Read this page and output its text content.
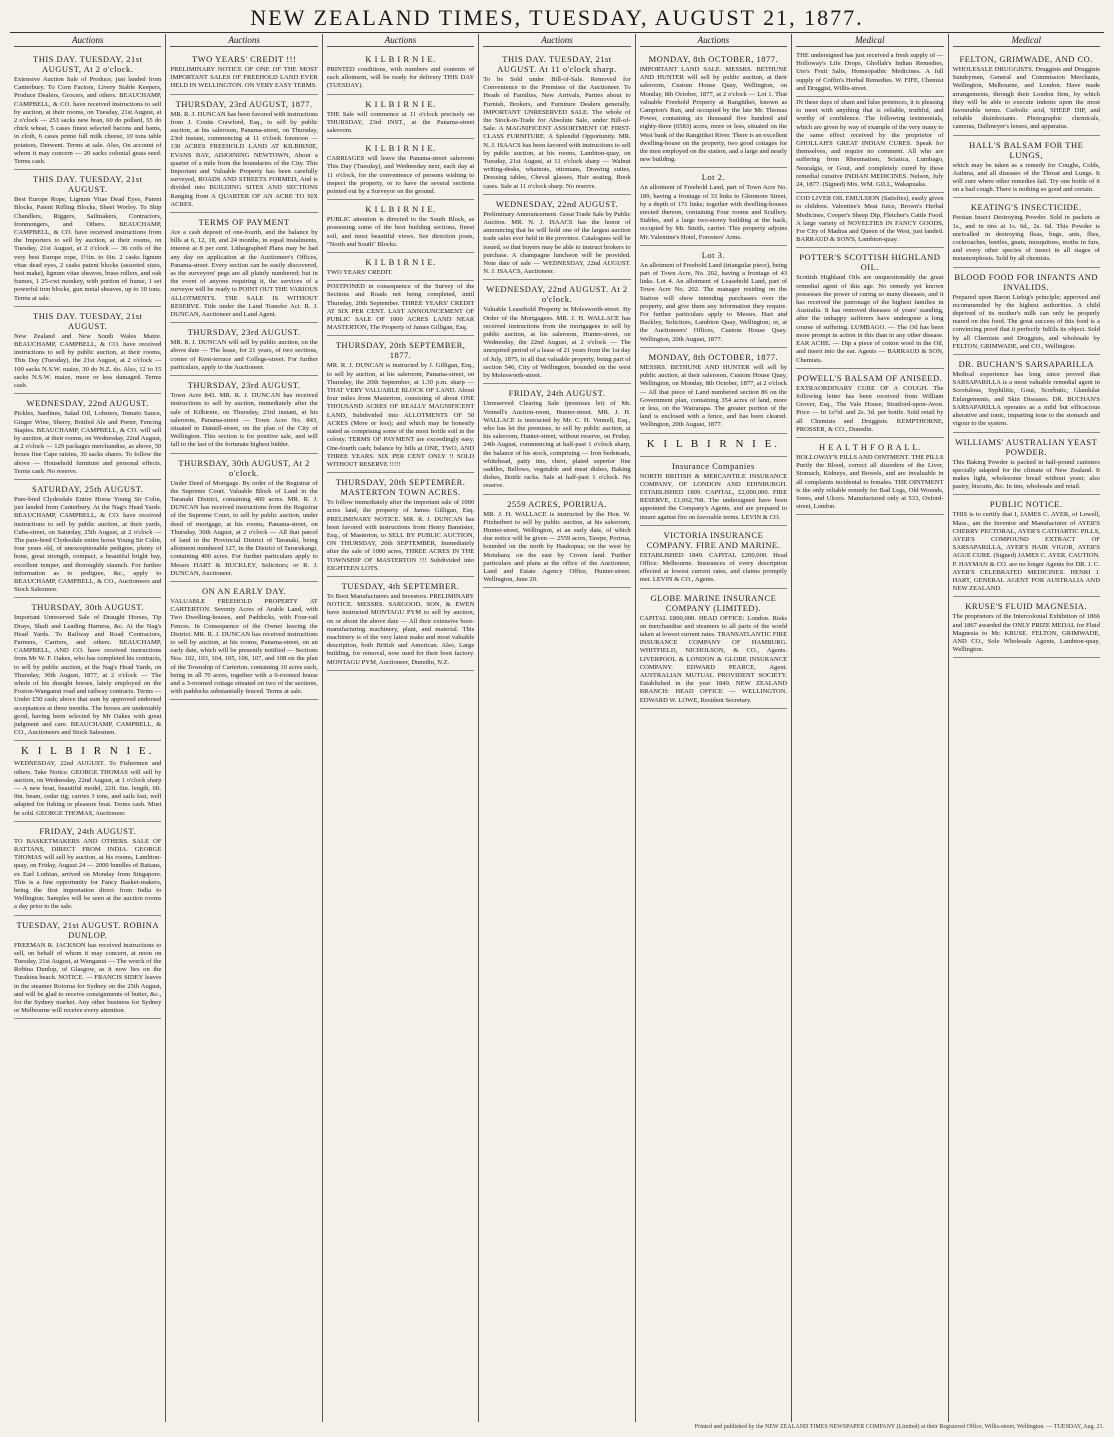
NEW ZEALAND TIMES, TUESDAY, AUGUST 21, 1877.
Auctions
THIS DAY. TUESDAY, 21st AUGUST, At 2 o'clock.

Extensive Auction Sale of Produce, just landed from Canterbury. To Corn Factors, Livery Stable Keepers, Produce Dealers, Grocers, and others. BEAUCHAMP, CAMPBELL, & CO. have received instructions to sell by auction, at their rooms, on Tuesday, 21st August, at 2 o'clock — 253 sacks new bran, 60 do pollard, 55 do chick wheat, 5 cases finest selected bacons and hams, in cloth, 6 cases prime full milk cheese, 10 tons table potatoes, Derwent. Terms at sale. Also, On account of whom it may concern — 20 sacks colonial grass seed. Terms cash.

THIS DAY. TUESDAY, 21st AUGUST.

Best Europe Rope, Lignum Vitae Dead Eyes, Patent Blocks, Patent Rifling Blocks, Sheet Worley. To Ship Chandlers, Riggers, Sailmakers, Contractors, Ironmongers, and Others. BEAUCHAMP, CAMPBELL, & CO. have received instructions from the Importers to sell by auction, at their rooms, on Tuesday, 21st August, at 2 o'clock — 36 coils of the very best Europe rope, 1½in. to 6in. 2 casks lignum vitae dead eyes, 2 casks patent blocks (assorted sizes, best make), lignum vitae sheaves, brass rollers, and oak frames, 1 25-cwt monkey, with portion of frame, 1 set powerful iron blocks, gun metal sheaves, up to 10 tons. Terms at sale.

THIS DAY. TUESDAY, 21st AUGUST.

New Zealand and New South Wales Maize. BEAUCHAMP, CAMPBELL, & CO. have received instructions to sell by public auction, at their rooms, This Day (Tuesday), the 21st August, at 2 o'clock — 100 sacks N.S.W. maize, 30 do N.Z. do. Also, 12 to 15 sacks N.S.W. maize, more or less damaged. Terms cash.

WEDNESDAY, 22nd AUGUST.

Pickles, Sardines, Salad Oil, Lobsters, Tomato Sauce, Ginger Wine, Sherry, Bottled Ale and Porter, Fencing Staples. BEAUCHAMP, CAMPBELL, & CO. will sell by auction, at their rooms, on Wednesday, 22nd August, at 2 o'clock — 129 packages merchandise, as above, 50 boxes fine Cape raisins, 30 sacks shares. To follow the above — Household furniture and personal effects. Terms cash. No reserve.

SATURDAY, 25th AUGUST.

Pure-bred Clydesdale Entire Horse Young Sir Colin, just landed from Canterbury. At the Nag's Head Yards. BEAUCHAMP, CAMPBELL, & CO. have received instructions to sell by public auction, at their yards, Cuba-street, on Saturday, 25th August, at 2 o'clock — The pure-bred Clydesdale entire horse Young Sir Colin, four years old, of unexceptionable pedigree, plenty of bone, great strength, compact, a beautiful bright bay, excellent temper, and thoroughly staunch. For further information as to pedigree, &c., apply to BEAUCHAMP, CAMPBELL, & CO., Auctioneers and Stock Salesmen.

THURSDAY, 30th AUGUST.

Important Unreserved Sale of Draught Horses, Tip Drays, Shaft and Leading Harness, &c. At the Nag's Head Yards. To Railway and Road Contractors, Farmers, Carriers, and others. BEAUCHAMP, CAMPBELL, AND CO. have received instructions from Mr W. F. Oakes, who has completed his contracts, to sell by public auction, at the Nag's Head Yards, on Thursday, 30th August, 1877, at 2 o'clock — The whole of his draught horses, lately employed on the Foxton-Wanganui road and railway contracts. Terms — Under £50 cash; above that sum by approved endorsed acceptances at three months. The horses are undeniably good, having been selected by Mr Oakes with great judgment and care. BEAUCHAMP, CAMPBELL, & CO., Auctioneers and Stock Salesmen.

K I L B I R N I E.

WEDNESDAY, 22nd AUGUST. To Fishermen and others. Take Notice. GEORGE THOMAS will sell by auction, on Wednesday, 22nd August, at 1 o'clock sharp — A new boat, beautiful model, 22ft. 6in. length, 6ft. 9in. beam, cedar rig; carries 3 tons, and sails fast, well adapted for fishing or pleasure boat. Terms cash. Must be sold. GEORGE THOMAS, Auctioneer.

FRIDAY, 24th AUGUST.

TO BASKETMAKERS AND OTHERS. SALE OF RATTANS, DIRECT FROM INDIA. GEORGE THOMAS will sell by auction, at his rooms, Lambton-quay, on Friday, August 24 — 2000 bundles of Rattans, ex Earl Lothian, arrived on Monday from Singapore. This is a fine opportunity for Fancy Basket-makers, being the first importation direct from India to Wellington. Samples will be seen at the auction rooms a day prior to the sale.

TUESDAY, 21st AUGUST. ROBINA DUNLOP.

FREEMAN R. JACKSON has received instructions to sell, on behalf of whom it may concern, at noon on Tuesday, 21st August, at Wanganui — The wreck of the Robina Dunlop, of Glasgow, as it now lies on the Turakina beach. NOTICE. — FRANCIS SIDEY leaves in the steamer Rotorua for Sydney on the 25th August, and will be glad to receive consignments of butter, &c., for the Sydney market. Any other business for Sydney or Melbourne will receive every attention.

Auctions
TWO YEARS' CREDIT !!!

PRELIMINARY NOTICE OF ONE OF THE MOST IMPORTANT SALES OF FREEHOLD LAND EVER HELD IN WELLINGTON. ON VERY EASY TERMS.

THURSDAY, 23rd AUGUST, 1877.

MR. R. J. DUNCAN has been favored with instructions from J. Coutts Crawford, Esq., to sell by public auction, at his saleroom, Panama-street, on Thursday, 23rd instant, commencing at 11 o'clock forenoon — 130 ACRES FREEHOLD LAND AT KILBIRNIE, EVANS BAY, ADJOINING NEWTOWN, About a quarter of a mile from the boundaries of the City. This Important and Valuable Property has been carefully surveyed, ROADS AND STREETS FORMED, And is divided into BUILDING SITES AND SECTIONS Ranging from A QUARTER OF AN ACRE TO SIX ACRES.

TERMS OF PAYMENT

Are a cash deposit of one-fourth, and the balance by bills at 6, 12, 18, and 24 months, in equal instalments, interest at 8 per cent. Lithographed Plans may be had any day on application at the Auctioneer's Offices, Panama-street. Every section can be easily discovered, as the surveyors' pegs are all plainly numbered; but in the event of anyone requiring it, the services of a surveyor will be ready to POINT OUT THE VARIOUS ALLOTMENTS. THE SALE IS WITHOUT RESERVE. Title under the Land Transfer Act. R. J. DUNCAN, Auctioneer and Land Agent.

THURSDAY, 23rd AUGUST.

MR. R. J. DUNCAN will sell by public auction, on the above date — The lease, for 21 years, of two sections, corner of Kent-terrace and College-street. For further particulars, apply to the Auctioneer.

THURSDAY, 23rd AUGUST.

Town Acre 843. MR. R. J. DUNCAN has received instructions to sell by auction, immediately after the sale of Kilbirnie, on Thursday, 23rd instant, at his saleroom, Panama-street — Town Acre No. 843, situated in Daniell-street, on the plan of the City of Wellington. This section is for positive sale, and will fall to the last of the fortunate highest bidder.

THURSDAY, 30th AUGUST, At 2 o'clock.

Under Deed of Mortgage. By order of the Registrar of the Supreme Court. Valuable Block of Land in the Taranaki District, containing 400 acres. MR. R. J. DUNCAN has received instructions from the Registrar of the Supreme Court, to sell by public auction, under deed of mortgage, at his rooms, Panama-street, on Thursday, 30th August, at 2 o'clock — All that parcel of land in the Provincial District of Taranaki, being allotment numbered 127, in the District of Tarurukangi, containing 400 acres. For further particulars apply to Messrs HART & BUCKLEY, Solicitors; or R. J. DUNCAN, Auctioneer.

ON AN EARLY DAY.

VALUABLE FREEHOLD PROPERTY AT CARTERTON. Seventy Acres of Arable Land, with Two Dwelling-houses, and Paddocks, with Four-rail Fences. In Consequence of the Owner leaving the District. MR. R. J. DUNCAN has received instructions to sell by auction, at his rooms, Panama-street, on an early date, which will be presently notified — Sections Nos. 102, 103, 104, 105, 106, 107, and 108 on the plan of the Township of Carterton, containing 10 acres each, being in all 70 acres, together with a 6-roomed house and a 3-roomed cottage situated on two of the sections, with paddocks substantially fenced. Terms at sale.

Auctions
K I L B I R N I E.

PRINTED conditions, with numbers and contents of each allotment, will be ready for delivery THIS DAY (TUESDAY).

K I L B I R N I E.

THE Sale will commence at 11 o'clock precisely on THURSDAY, 23rd INST., at the Panama-street saleroom.

K I L B I R N I E.

CARRIAGES will leave the Panama-street saleroom This Day (Tuesday), and Wednesday next, each day at 11 o'clock, for the convenience of persons wishing to inspect the property, or to have the several sections pointed out by a Surveyor on the ground.

K I L B I R N I E.

PUBLIC attention is directed to the South Block, as possessing some of the best building sections, finest soil, and most beautiful views. See direction posts, "North and South" Blocks.

K I L B I R N I E.

TWO YEARS' CREDIT.

POSTPONED in consequence of the Survey of the Sections and Roads not being completed, until Thursday, 20th September. THREE YEARS' CREDIT AT SIX PER CENT. LAST ANNOUNCEMENT OF PUBLIC SALE OF 1000 ACRES LAND NEAR MASTERTON, The Property of James Gilligan, Esq.

THURSDAY, 20th SEPTEMBER, 1877.

MR. R. J. DUNCAN is instructed by J. Gilligan, Esq., to sell by auction, at his saleroom, Panama-street, on Thursday, the 20th September, at 1.30 p.m. sharp — THAT VERY VALUABLE BLOCK OF LAND. About four miles from Masterton, consisting of about ONE THOUSAND ACRES OF REALLY MAGNIFICENT LAND, Subdivided into ALLOTMENTS OF 50 ACRES (More or less); and which may be honestly stated as comprising some of the most fertile soil in the colony. TERMS OF PAYMENT are exceedingly easy. One-fourth cash; balance by bills at ONE, TWO, AND THREE YEARS. SIX PER CENT ONLY !! SOLD WITHOUT RESERVE !!!!!

THURSDAY, 20th SEPTEMBER. MASTERTON TOWN ACRES.

To follow immediately after the important sale of 1000 acres land, the property of James Gilligan, Esq. PRELIMINARY NOTICE. MR. R. J. DUNCAN has been favored with instructions from Henry Bannister, Esq., of Masterton, to SELL BY PUBLIC AUCTION, ON THURSDAY, 20th SEPTEMBER, Immediately after the sale of 1000 acres, THREE ACRES IN THE TOWNSHIP OF MASTERTON !!! Subdivided into EIGHTEEN LOTS.

TUESDAY, 4th SEPTEMBER.

To Boot Manufacturers and Investors. PRELIMINARY NOTICE. MESSRS. SARGOOD, SON, & EWEN have instructed MONTAGU PYM to sell by auction, on or about the above date — All their extensive boot-manufacturing machinery, plant, and material. This machinery is of the very latest make and most valuable description, both British and American. Also, Large building, for removal, now used for their boot factory. MONTAGU PYM, Auctioneer, Dunedin, N.Z.

Auctions
THIS DAY. TUESDAY, 21st AUGUST. At 11 o'clock sharp.

To be Sold under Bill-of-Sale. Removed for Convenience to the Premises of the Auctioneer. To Heads of Families, New Arrivals, Parties about to Furnish, Brokers, and Furniture Dealers generally. IMPORTANT UNRESERVED SALE. The whole of the Stock-in-Trade for Absolute Sale, under Bill-of-Sale. A MAGNIFICENT ASSORTMENT OF FIRST-CLASS FURNITURE. A Splendid Opportunity. MR. N. J. ISAACS has been favored with instructions to sell by public auction, at his rooms, Lambton-quay, on Tuesday, 21st August, at 11 o'clock sharp — Walnut writing-desks, whatnots, ottomans, Drawing suites, Dressing tables, Cheval glasses, Hair seating, Book cases. Sale at 11 o'clock sharp. No reserve.

WEDNESDAY, 22nd AUGUST.

Preliminary Announcement. Great Trade Sale by Public Auction. MR. N. J. ISAACS has the honor of announcing that he will hold one of the largest auction trade sales ever held in the province. Catalogues will be issued, so that buyers may be able to instruct brokers to purchase. A champagne luncheon will be provided. Note date of sale — WEDNESDAY, 22nd AUGUST. N. J. ISAACS, Auctioneer.

WEDNESDAY, 22nd AUGUST. At 2 o'clock.

Valuable Leasehold Property in Molesworth-street. By Order of the Mortgagees. MR. J. H. WALLACE has received instructions from the mortgagees to sell by public auction, at his saleroom, Hunter-street, on Wednesday, the 22nd August, at 2 o'clock — The unexpired period of a lease of 21 years from the 1st day of July, 1875, in all that valuable property, being part of section 546, City of Wellington, bounded on the west by Molesworth-street.

FRIDAY, 24th AUGUST.

Unreserved Clearing Sale (premises let) of Mr. Vennell's Auction-room, Hunter-street. MR. J. H. WALLACE is instructed by Mr. C. H. Vennell, Esq., who has let the premises, to sell by public auction, at his saleroom, Hunter-street, without reserve, on Friday, 24th August, commencing at half-past 1 o'clock sharp, the balance of his stock, comprising — Iron bedsteads, whitehead, patty tins, chest, plated superior fine saddles, Bellows, vegetable and meat dishes, Baking dishes, Bottle racks. Sale at half-past 1 o'clock. No reserve.

2559 ACRES, PORIRUA.

MR. J. H. WALLACE is instructed by the Hon. W. Fitzherbert to sell by public auction, at his saleroom, Hunter-street, Wellington, at an early date, of which due notice will be given — 2559 acres, Tawpe, Porirua, bounded on the north by Haukopua; on the west by Motuhara; on the east by Crown land. Further particulars and plans at the office of the Auctioneer, Land and Estate Agency Office, Hunter-street. Wellington, June 20.

Auctions
MONDAY, 8th OCTOBER, 1877.

IMPORTANT LAND SALE. MESSRS. BETHUNE AND HUNTER will sell by public auction, at their saleroom, Custom House Quay, Wellington, on Monday, 8th October, 1877, at 2 o'clock — Lot 1. That valuable Freehold Property at Rangitikei, known as Campion's Run, and occupied by the late Mr. Thomas Power, containing six thousand five hundred and eighty-three (6583) acres, more or less, situated on the West bank of the Rangitikei River. There is an excellent dwelling-house on the property, two good cottages for the men employed on the station, and a large and nearly new building.

Lot 2.

An allotment of Freehold Land, part of Town Acre No. 189, having a frontage of 33 links to Glenmore Street, by a depth of 171 links; together with dwelling-houses erected thereon, containing Four rooms and Scullery. Stables, and a large two-storey building at the back, occupied by Mr. Smith, carrier. This property adjoins Mr. Valentine's Hotel, Foresters' Arms.

Lot 3.

An allotment of Freehold Land (triangular piece), being part of Town Acre, No. 202, having a frontage of 43 links. Lot 4. An allotment of Leasehold Land, part of Town Acre No. 202. The manager residing on the Station will show intending purchasers over the property, and give them any information they require. For further particulars apply to Messrs. Hart and Buckley, Solicitors, Lambton Quay, Wellington; or, at the Auctioneers' Offices, Custom House Quay. Wellington, 20th August, 1877.

MONDAY, 8th OCTOBER, 1877.

MESSRS. BETHUNE AND HUNTER will sell by public auction, at their saleroom, Custom House Quay, Wellington, on Monday, 8th October, 1877, at 2 o'clock — All that piece of Land numbered section 86 on the Government plan, containing 354 acres of land, more or less, on the Wairarapa. The greater portion of the land is enclosed with a fence, and has been cleared. Wellington, 20th August, 1877.

K I L B I R N I E.
Insurance Companies

NORTH BRITISH & MERCANTILE INSURANCE COMPANY, OF LONDON AND EDINBURGH. ESTABLISHED 1809. CAPITAL, £2,000,000. FIRE RESERVE, £1,062,768. The undersigned have been appointed the Company's Agents, and are prepared to insure against fire on favorable terms. LEVIN & CO.

VICTORIA INSURANCE COMPANY. FIRE AND MARINE.

ESTABLISHED 1849. CAPITAL £200,000. Head Office: Melbourne. Insurances of every description effected at lowest current rates, and claims promptly met. LEVIN & CO., Agents.

GLOBE MARINE INSURANCE COMPANY (LIMITED).

CAPITAL £800,000. HEAD OFFICE: London. Risks on merchandise and steamers to all parts of the world taken at lowest current rates. TRANSATLANTIC FIRE INSURANCE COMPANY OF HAMBURG. WHITFIELD, NICHOLSON, & CO., Agents. LIVERPOOL & LONDON & GLOBE INSURANCE COMPANY. EDWARD PEARCE, Agent. AUSTRALIAN MUTUAL PROVIDENT SOCIETY. Established in the year 1849. NEW ZEALAND BRANCH: HEAD OFFICE — WELLINGTON. EDWARD W. LOWE, Resident Secretary.

Medical

THE undersigned has just received a fresh supply of — Holloway's Life Drops, Ghollah's Indian Remedies, Ure's Fruit Salts, Homeopathic Medicines. A full supply of Coffin's Herbal Remedies. W. FIFE, Chemist and Druggist, Willis-street.

IN these days of sham and false pretences, it is pleasing to meet with anything that is reliable, truthful, and worthy of confidence. The following testimonials, which are given by way of example of the very many to the same effect received by the proprietor of GHOLLAH'S GREAT INDIAN CURES. Speak for themselves, and require no comment. All who are suffering from Rheumatism, Sciatica, Lumbago, Neuralgia, or Gout, and completely cured by these remedial curative INDIAN MEDICINES. Nelson, July 24, 1877. (Signed) Mrs. WM. GILL, Wakapuaka.

COD LIVER OIL EMULSION (Satisfies), easily given to children. Valentine's Meat Juice, Brown's Herbal Medicines, Cooper's Sheep Dip, Fletcher's Cattle Food. A large variety of NOVELTIES IN FANCY GOODS, For City of Madras and Queen of the West, just landed. BARRAUD & SON'S, Lambton-quay.

POTTER'S SCOTTISH HIGHLAND OIL.

Scottish Highland Oils are unquestionably the great remedial agent of this age. No remedy yet known possesses the power of curing so many diseases, and it has received the patronage of the highest families in Australia. It has removed diseases of years' standing, after the unhappy sufferers have undergone a long course of suffering. LUMBAGO. — The Oil has been more prompt in action in this than in any other disease. EAR ACHE. — Dip a piece of cotton wool in the Oil, and insert into the ear. Agents — BARRAUD & SON, Chemists.

POWELL'S BALSAM OF ANISEED.

EXTRAORDINARY CURE OF A COUGH. The following letter has been received from William Grover, Esq., The Vale House, Stratford-upon-Avon. Price — In 1s½d. and 2s. 3d. per bottle. Sold retail by all Chemists and Druggists. KEMPTHORNE, PROSSER, & CO., Dunedin.

H E A L T H F O R A L L.

HOLLOWAY'S PILLS AND OINTMENT. THE PILLS Purify the Blood, correct all disorders of the Liver, Stomach, Kidneys, and Bowels, and are invaluable in all complaints incidental to females. THE OINTMENT is the only reliable remedy for Bad Legs, Old Wounds, Sores, and Ulcers. Manufactured only at 533, Oxford-street, London.

Medical
FELTON, GRIMWADE, AND CO.

WHOLESALE DRUGGISTS. Druggists and Druggists Sundrymen, General and Commission Merchants, Wellington, Melbourne, and London. Have made arrangements, through their London firm, by which they will be able to execute indents upon the most favourable terms. Carbolic acid, SHEEP DIP, and reliable disinfectants. Photographic chemicals, cameras, Dallmeyer's lenses, and apparatus.

HALL'S BALSAM FOR THE LUNGS,

which may be taken as a remedy for Coughs, Colds, Asthma, and all diseases of the Throat and Lungs. It will cure where other remedies fail. Try one bottle of it on a bad cough. There is nothing so good and certain.

KEATING'S INSECTICIDE.

Persian Insect Destroying Powder. Sold in packets at 1s., and in tins at 1s. 6d., 2s. 6d. This Powder is unrivalled in destroying fleas, bugs, ants, flies, cockroaches, beetles, gnats, mosquitoes, moths in furs, and every other species of insect in all stages of metamorphosis. Sold by all chemists.

BLOOD FOOD FOR INFANTS AND INVALIDS.

Prepared upon Baron Liebig's principle; approved and recommended by the highest authorities. A child deprived of its mother's milk can only be properly reared on this food. The great success of this food is a convincing proof that it perfectly fulfils its object. Sold by all Chemists and Druggists, and wholesale by FELTON, GRIMWADE, and CO., Wellington.

DR. BUCHAN'S SARSAPARILLA

Medical experience has long since proved that SARSAPARILLA is a most valuable remedial agent in Scrofulous, Syphilitic, Gout, Scorbutic, Glandular Enlargements, and Skin Diseases. DR. BUCHAN'S SARSAPARILLA operates as a mild but efficacious alterative and tonic, imparting tone to the stomach and vigour to the system.

WILLIAMS' AUSTRALIAN YEAST POWDER.

This Baking Powder is packed in half-pound canisters specially adapted for the climate of New Zealand. It makes light, wholesome bread without yeast; also pastry, biscuits, &c. In tins, wholesale and retail.

PUBLIC NOTICE.

THIS is to certify that I, JAMES C. AYER, of Lowell, Mass., am the Inventor and Manufacturer of AYER'S CHERRY PECTORAL, AYER'S CATHARTIC PILLS, AYER'S COMPOUND EXTRACT OF SARSAPARILLA, AYER'S HAIR VIGOR, AYER'S AGUE CURE. (Signed) JAMES C. AYER. CAUTION. P. HAYMAN & CO. are no longer Agents for DR. J. C. AYER'S CELEBRATED MEDICINES. HENRI J. HART, GENERAL AGENT FOR AUSTRALIA AND NEW ZEALAND.

KRUSE'S FLUID MAGNESIA.

The proprietors of the Intercolonial Exhibition of 1866 and 1867 awarded the ONLY PRIZE MEDAL for Fluid Magnesia to Mr. KRUSE. FELTON, GRIMWADE, AND CO., Sole Wholesale Agents, Lambton-quay, Wellington.

Printed and published by the NEW ZEALAND TIMES NEWSPAPER COMPANY (Limited) at their Registered Office, Willis-street, Wellington. — TUESDAY, Aug. 21.
